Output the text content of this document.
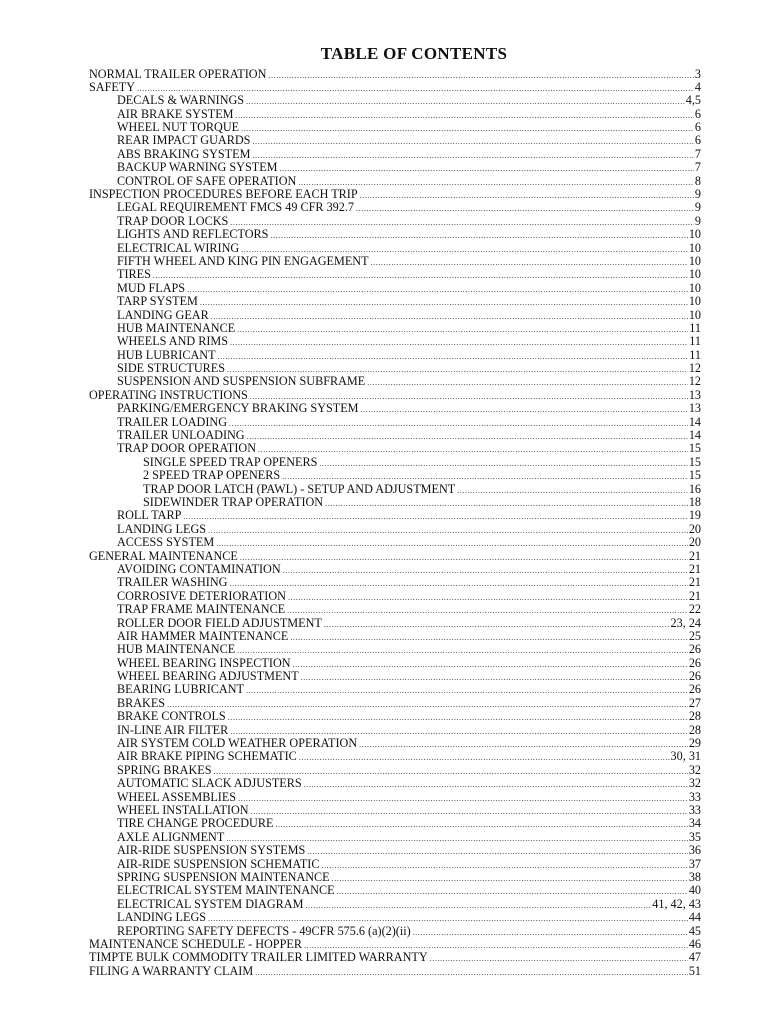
TABLE OF CONTENTS
NORMAL TRAILER OPERATION .....	3
SAFETY .....	4
DECALS & WARNINGS .....	4,5
AIR BRAKE SYSTEM .....	6
WHEEL NUT TORQUE .....	6
REAR IMPACT GUARDS .....	6
ABS BRAKING SYSTEM .....	7
BACKUP WARNING SYSTEM .....	7
CONTROL OF SAFE OPERATION .....	8
INSPECTION PROCEDURES BEFORE EACH TRIP .....	9
LEGAL REQUIREMENT FMCS 49 CFR 392.7 .....	9
TRAP DOOR LOCKS .....	9
LIGHTS AND REFLECTORS .....	10
ELECTRICAL WIRING .....	10
FIFTH WHEEL AND KING PIN ENGAGEMENT .....	10
TIRES .....	10
MUD FLAPS .....	10
TARP SYSTEM .....	10
LANDING GEAR .....	10
HUB MAINTENANCE .....	11
WHEELS AND RIMS .....	11
HUB LUBRICANT .....	11
SIDE STRUCTURES .....	12
SUSPENSION AND SUSPENSION SUBFRAME .....	12
OPERATING INSTRUCTIONS .....	13
PARKING/EMERGENCY BRAKING SYSTEM .....	13
TRAILER LOADING .....	14
TRAILER UNLOADING .....	14
TRAP DOOR OPERATION .....	15
SINGLE SPEED TRAP OPENERS .....	15
2 SPEED TRAP OPENERS .....	15
TRAP DOOR LATCH (PAWL) - SETUP AND ADJUSTMENT .....	16
SIDEWINDER TRAP OPERATION .....	18
ROLL TARP .....	19
LANDING LEGS .....	20
ACCESS SYSTEM .....	20
GENERAL MAINTENANCE .....	21
AVOIDING CONTAMINATION .....	21
TRAILER WASHING .....	21
CORROSIVE DETERIORATION .....	21
TRAP FRAME MAINTENANCE .....	22
ROLLER DOOR FIELD ADJUSTMENT .....	23, 24
AIR HAMMER MAINTENANCE .....	25
HUB MAINTENANCE .....	26
WHEEL BEARING INSPECTION .....	26
WHEEL BEARING ADJUSTMENT .....	26
BEARING LUBRICANT .....	26
BRAKES .....	27
BRAKE CONTROLS .....	28
IN-LINE AIR FILTER .....	28
AIR SYSTEM COLD WEATHER OPERATION .....	29
AIR BRAKE PIPING SCHEMATIC .....	30, 31
SPRING BRAKES .....	32
AUTOMATIC SLACK ADJUSTERS .....	32
WHEEL ASSEMBLIES .....	33
WHEEL INSTALLATION .....	33
TIRE CHANGE PROCEDURE .....	34
AXLE ALIGNMENT .....	35
AIR-RIDE SUSPENSION SYSTEMS .....	36
AIR-RIDE SUSPENSION SCHEMATIC .....	37
SPRING SUSPENSION MAINTENANCE .....	38
ELECTRICAL SYSTEM MAINTENANCE .....	40
ELECTRICAL SYSTEM DIAGRAM .....	41, 42, 43
LANDING LEGS .....	44
REPORTING SAFETY DEFECTS - 49CFR 575.6 (a)(2)(ii) .....	45
MAINTENANCE SCHEDULE - HOPPER .....	46
TIMPTE BULK COMMODITY TRAILER LIMITED WARRANTY .....	47
FILING A WARRANTY CLAIM .....	51
